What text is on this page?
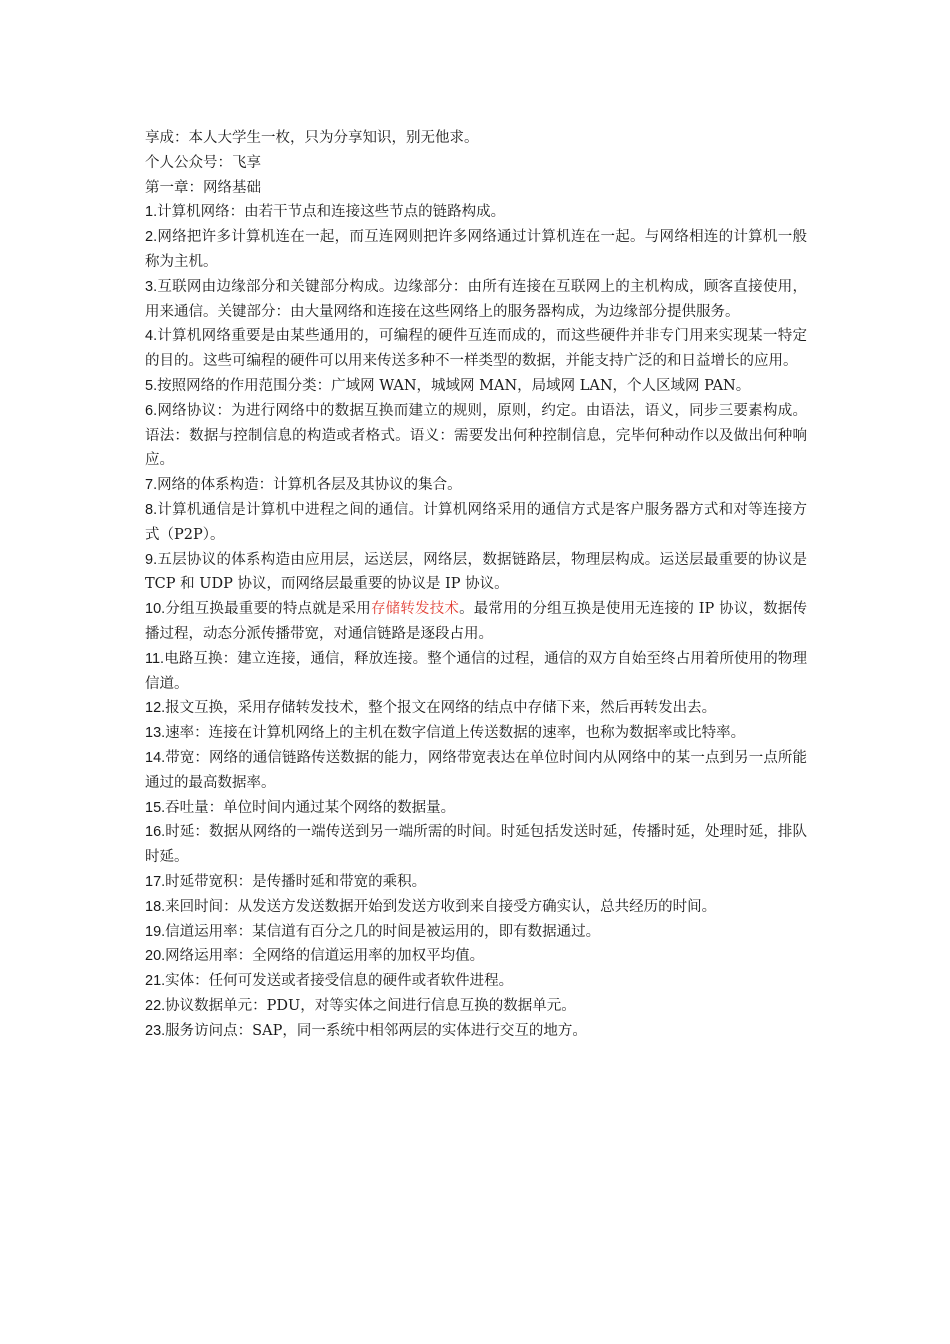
享成：本人大学生一枚，只为分享知识，别无他求。

个人公众号：飞享

第一章：网络基础

1.计算机网络：由若干节点和连接这些节点的链路构成。

2.网络把许多计算机连在一起，而互连网则把许多网络通过计算机连在一起。与网络相连的计算机一般称为主机。

3.互联网由边缘部分和关键部分构成。边缘部分：由所有连接在互联网上的主机构成，顾客直接使用，用来通信。关键部分：由大量网络和连接在这些网络上的服务器构成，为边缘部分提供服务。

4.计算机网络重要是由某些通用的，可编程的硬件互连而成的，而这些硬件并非专门用来实现某一特定的目的。这些可编程的硬件可以用来传送多种不一样类型的数据，并能支持广泛的和日益增长的应用。

5.按照网络的作用范围分类：广域网 WAN，城域网 MAN，局域网 LAN，个人区域网 PAN。

6.网络协议：为进行网络中的数据互换而建立的规则，原则，约定。由语法，语义，同步三要素构成。语法：数据与控制信息的构造或者格式。语义：需要发出何种控制信息，完毕何种动作以及做出何种响应。

7.网络的体系构造：计算机各层及其协议的集合。

8.计算机通信是计算机中进程之间的通信。计算机网络采用的通信方式是客户服务器方式和对等连接方式（P2P）。

9.五层协议的体系构造由应用层，运送层，网络层，数据链路层，物理层构成。运送层最重要的协议是 TCP 和 UDP 协议，而网络层最重要的协议是 IP 协议。

10.分组互换最重要的特点就是采用存储转发技术。最常用的分组互换是使用无连接的 IP 协议，数据传播过程，动态分派传播带宽，对通信链路是逐段占用。

11.电路互换：建立连接，通信，释放连接。整个通信的过程，通信的双方自始至终占用着所使用的物理信道。

12.报文互换，采用存储转发技术，整个报文在网络的结点中存储下来，然后再转发出去。

13.速率：连接在计算机网络上的主机在数字信道上传送数据的速率，也称为数据率或比特率。

14.带宽：网络的通信链路传送数据的能力，网络带宽表达在单位时间内从网络中的某一点到另一点所能通过的最高数据率。

15.吞吐量：单位时间内通过某个网络的数据量。

16.时延：数据从网络的一端传送到另一端所需的时间。时延包括发送时延，传播时延，处理时延，排队时延。

17.时延带宽积：是传播时延和带宽的乘积。

18.来回时间：从发送方发送数据开始到发送方收到来自接受方确实认，总共经历的时间。

19.信道运用率：某信道有百分之几的时间是被运用的，即有数据通过。

20.网络运用率：全网络的信道运用率的加权平均值。

21.实体：任何可发送或者接受信息的硬件或者软件进程。

22.协议数据单元：PDU，对等实体之间进行信息互换的数据单元。

23.服务访问点：SAP，同一系统中相邻两层的实体进行交互的地方。
